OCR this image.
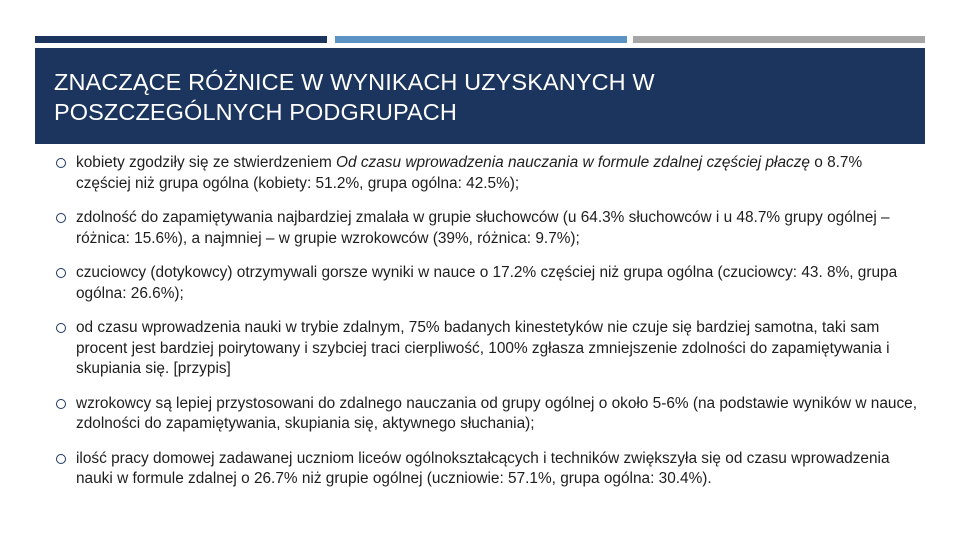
ZNACZĄCE RÓŻNICE W WYNIKACH UZYSKANYCH W
POSZCZEGÓLNYCH PODGRUPACH
kobiety zgodziły się ze stwierdzeniem Od czasu wprowadzenia nauczania w formule zdalnej częściej płaczę o 8.7% częściej niż grupa ogólna (kobiety: 51.2%, grupa ogólna: 42.5%);
zdolność do zapamiętywania najbardziej zmalała w grupie słuchowców (u 64.3% słuchowców i u 48.7% grupy ogólnej – różnica: 15.6%), a najmniej – w grupie wzrokowców (39%, różnica: 9.7%);
czuciowcy (dotykowcy) otrzymywali gorsze wyniki w nauce o 17.2% częściej niż grupa ogólna (czuciowcy: 43. 8%, grupa ogólna: 26.6%);
od czasu wprowadzenia nauki w trybie zdalnym, 75% badanych kinestetyków nie czuje się bardziej samotna, taki sam procent jest bardziej poirytowany i szybciej traci cierpliwość, 100% zgłasza zmniejszenie zdolności do zapamiętywania i skupiania się. [przypis]
wzrokowcy są lepiej przystosowani do zdalnego nauczania od grupy ogólnej o około 5-6% (na podstawie wyników w nauce, zdolności do zapamiętywania, skupiania się, aktywnego słuchania);
ilość pracy domowej zadawanej uczniom liceów ogólnokształcących i techników zwiększyła się od czasu wprowadzenia nauki w formule zdalnej o 26.7% niż grupie ogólnej (uczniowie: 57.1%, grupa ogólna: 30.4%).
